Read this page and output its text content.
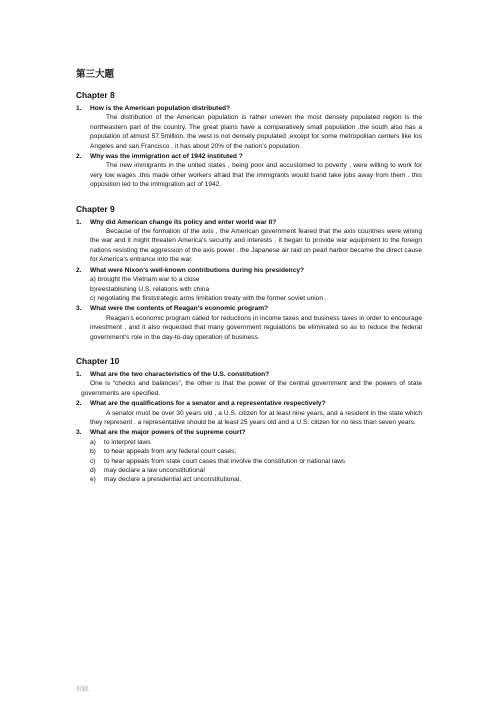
第三大题
Chapter 8
1.	How is the American population distributed?
The distribution of the American population is rather uneven the most densely populated region is the northeastern part of the country. The great plains have a comparatively small population .the south also has a population of almost 57.5million. the west is not densely populated ,except for some metropolitan centers like los Angeles and san Francisco . it has about 20% of the nation’s population.
2.	Why was the immigration act of 1942 instituted ?
The new immigrants in the united states , being poor and accustomed to poverty , were willing to work for very low wages .this made other workers afraid that the immigrants would lsand take jobs away from them . this opposition led to the immigration act of 1942.
Chapter 9
1.	Why did American change its policy and enter world war II?
Because of the formation of the axis , the American government feared that the axis countries were wining the war and it might threaten America’s security and interests . it began to provide war equipment to the foreign nations resisting the aggression of the axis power . the Japanese air raid on pearl harbor became the direct cause for America’s entrance into the war.
2.	What were Nixon’s well-known contributions during his presidency?
a) brought the Vietnam war to a close
b)reestablishing U.S. relations with china
c) negotiating the firststrategic arms limitation treaty with the former soviet union .
3.	What were the contents of Reagan’s economic program?
Reagan’s economic program called for reductions in income taxes and business taxes in order to encourage investment , and it also requested that many government regulations be eliminated so as to reduce the federal government’s role in the day-to-day operation of business.
Chapter 10
1.	What are the two characteristics of the U.S. constitution?
One is “checks and balances”, the other is that the power of the central government and the powers of state governments are specified.
2.	What are the qualifications for a senator and a representative respectively?
A senator must be over 30 years old , a U.S. citizen for at least nine years, and a resident in the state which they represent . a representative should be at least 25 years old and a U.S. citizen for no less than seven years.
3.	What are the major powers of the supreme court?
a)	to interpret laws
b)	to hear appeals from any federal court cases;
c)	to hear appeals from state court cases that involve the constitution or national laws
d)	may declare a law unconstitutional
e)	may declare a presidential act unconstitutional.
页脚.
